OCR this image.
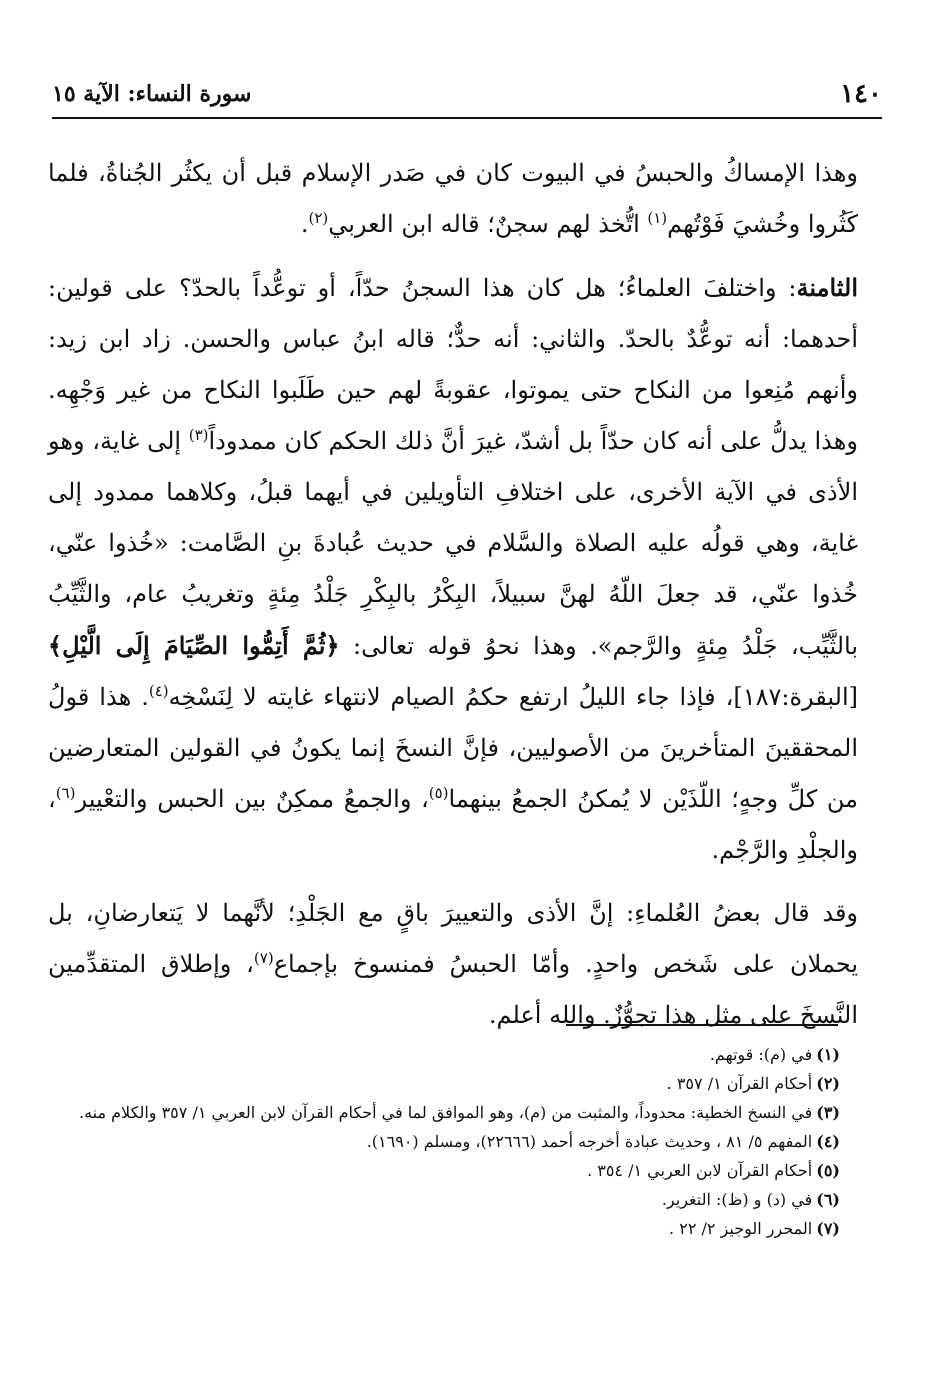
١٤٠
سورة النساء: الآية ١٥

وهذا الإمساكُ والحبسُ في البيوت كان في صَدر الإسلام قبل أن يكثُر الجُناةُ، فلما كَثُروا وخُشيَ فَوْتُهم$^{(١)}$ اتُّخذ لهم سجنٌ؛ قاله ابن العربي$^{(٢)}$.

الثامنة: واختلفَ العلماءُ؛ هل كان هذا السجنُ حدّاً، أو توعُّداً بالحدّ؟ على قولين: أحدهما: أنه توعُّدٌ بالحدّ. والثاني: أنه حدٌّ؛ قاله ابنُ عباس والحسن. زاد ابن زيد: وأنهم مُنِعوا من النكاح حتى يموتوا، عقوبةً لهم حين طَلَبوا النكاح من غير وَجْهِه. وهذا يدلُّ على أنه كان حدّاً بل أشدّ، غيرَ أنَّ ذلك الحكم كان ممدوداً$^{(٣)}$ إلى غاية، وهو الأذى في الآية الأخرى، على اختلافِ التأويلين في أيهما قبلُ، وكلاهما ممدود إلى غاية، وهي قولُه عليه الصلاة والسَّلام في حديث عُبادةَ بنِ الصَّامت: «خُذوا عنّي، خُذوا عنّي، قد جعلَ اللّهُ لهنَّ سبيلاً، البِكْرُ بالبِكْرِ جَلْدُ مِئةٍ وتغريبُ عام، والثَّيِّبُ بالثَّيِّب، جَلْدُ مِئةٍ والرَّجم». وهذا نحوُ قوله تعالى: ﴿ثُمَّ أَتِمُّوا الصِّيَامَ إِلَى الَّيْلِ﴾ [البقرة:١٨٧]، فإذا جاء الليلُ ارتفع حكمُ الصيام لانتهاء غايته لا لِنَسْخِه$^{(٤)}$. هذا قولُ المحققينَ المتأخرينَ من الأصوليين، فإنَّ النسخَ إنما يكونُ في القولين المتعارضين من كلِّ وجهٍ؛ اللّذَيْن لا يُمكنُ الجمعُ بينهما$^{(٥)}$، والجمعُ ممكِنٌ بين الحبس والتعْيير$^{(٦)}$، والجلْدِ والرَّجْم.

وقد قال بعضُ العُلماءِ: إنَّ الأذى والتعييرَ باقٍ مع الجَلْدِ؛ لأنَّهما لا يَتعارضانِ، بل يحملان على شَخص واحدٍ. وأمّا الحبسُ فمنسوخ بإجماع$^{(٧)}$، وإطلاق المتقدِّمين النَّسخَ على مثل هذا تجوُّزٌ. والله أعلم.

(١)في (م): قوتهم.

(٢)أحكام القرآن ١/ ٣٥٧ .

(٣)في النسخ الخطية: محدوداً، والمثبت من (م)، وهو الموافق لما في أحكام القرآن لابن العربي ١/ ٣٥٧ والكلام منه.

(٤)المفهم ٥/ ٨١ ، وحديث عبادة أخرجه أحمد (٢٢٦٦٦)، ومسلم (١٦٩٠).

(٥)أحكام القرآن لابن العربي ١/ ٣٥٤ .

(٦)في (د) و (ظ): التغرير.

(٧)المحرر الوجيز ٢/ ٢٢ .
